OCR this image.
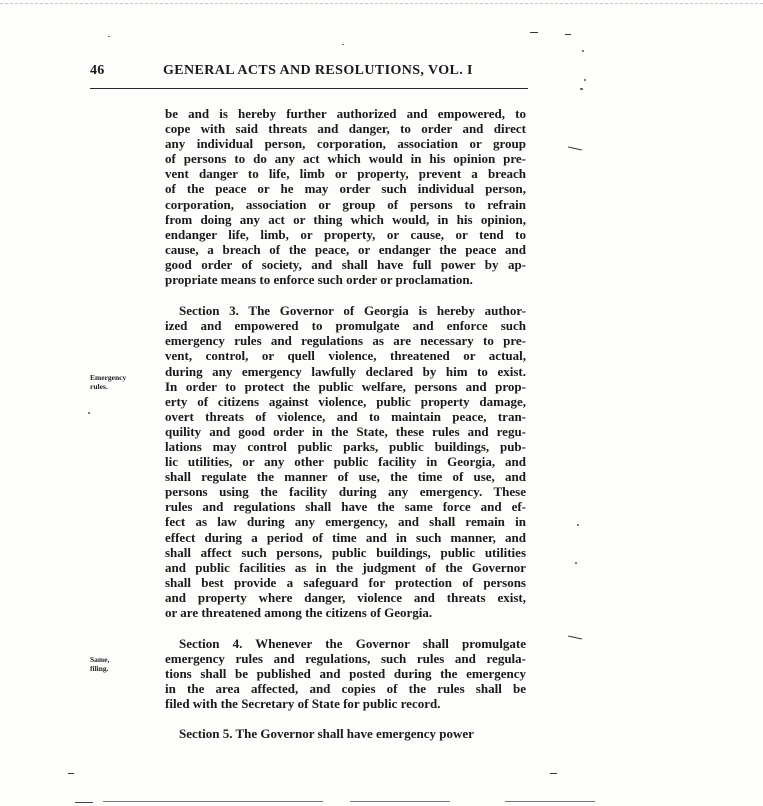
46	GENERAL ACTS AND RESOLUTIONS, VOL. I
Emergency
rules.
Same,
filing.
be and is hereby further authorized and empowered, to
cope with said threats and danger, to order and direct
any individual person, corporation, association or group
of persons to do any act which would in his opinion pre-
vent danger to life, limb or property, prevent a breach
of the peace or he may order such individual person,
corporation, association or group of persons to refrain
from doing any act or thing which would, in his opinion,
endanger life, limb, or property, or cause, or tend to
cause, a breach of the peace, or endanger the peace and
good order of society, and shall have full power by ap-
propriate means to enforce such order or proclamation.
Section 3. The Governor of Georgia is hereby author-
ized and empowered to promulgate and enforce such
emergency rules and regulations as are necessary to pre-
vent, control, or quell violence, threatened or actual,
during any emergency lawfully declared by him to exist.
In order to protect the public welfare, persons and prop-
erty of citizens against violence, public property damage,
overt threats of violence, and to maintain peace, tran-
quility and good order in the State, these rules and regu-
lations may control public parks, public buildings, pub-
lic utilities, or any other public facility in Georgia, and
shall regulate the manner of use, the time of use, and
persons using the facility during any emergency. These
rules and regulations shall have the same force and ef-
fect as law during any emergency, and shall remain in
effect during a period of time and in such manner, and
shall affect such persons, public buildings, public utilities
and public facilities as in the judgment of the Governor
shall best provide a safeguard for protection of persons
and property where danger, violence and threats exist,
or are threatened among the citizens of Georgia.
Section 4. Whenever the Governor shall promulgate
emergency rules and regulations, such rules and regula-
tions shall be published and posted during the emergency
in the area affected, and copies of the rules shall be
filed with the Secretary of State for public record.
Section 5. The Governor shall have emergency power
